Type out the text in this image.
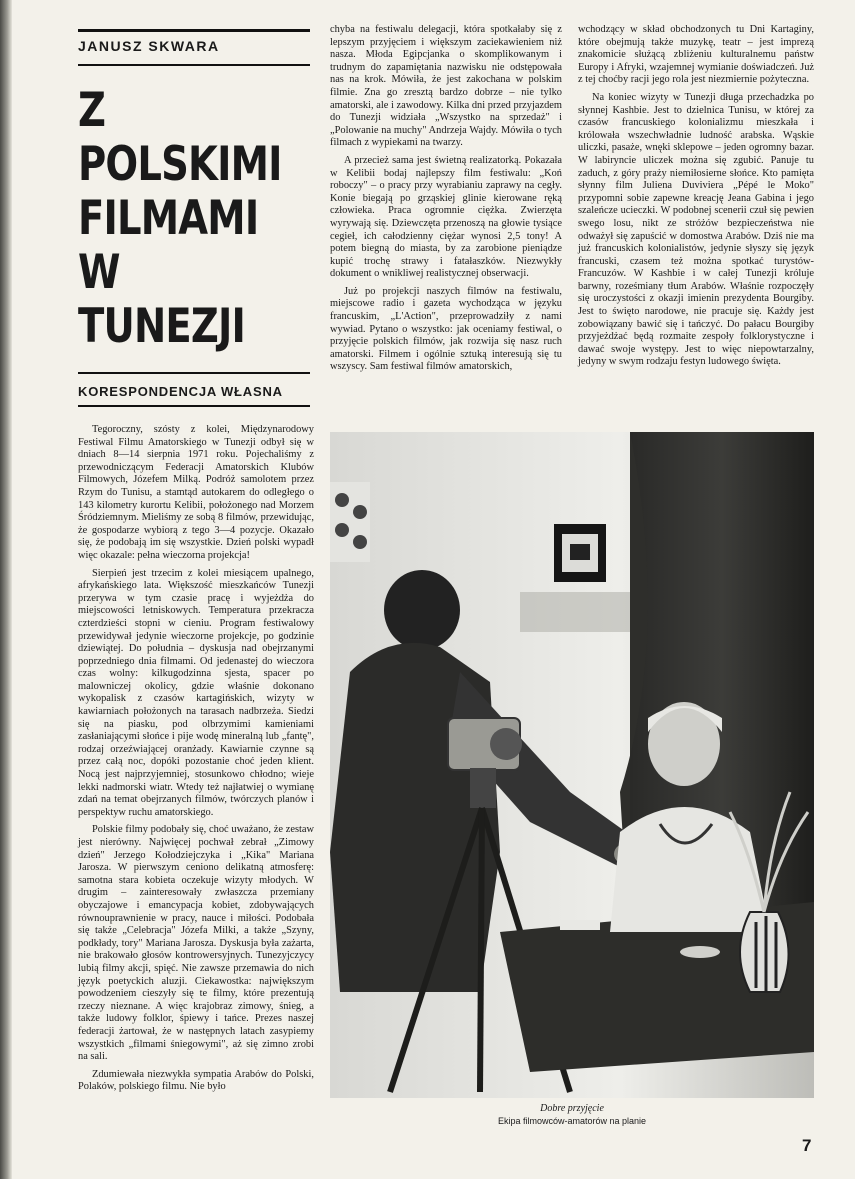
JANUSZ SKWARA
Z
POLSKIMI
FILMAMI
W
TUNEZJI
KORESPONDENCJA WŁASNA

Tegoroczny, szósty z kolei, Międzynarodowy Festiwal Filmu Amatorskiego w Tunezji odbył się w dniach 8—14 sierpnia 1971 roku. Pojechaliśmy z przewodniczącym Federacji Amatorskich Klubów Filmowych, Józefem Milką. Podróż samolotem przez Rzym do Tunisu, a stamtąd autokarem do odległego o 143 kilometry kurortu Kelibii, położonego nad Morzem Śródziemnym. Mieliśmy ze sobą 8 filmów, przewidując, że gospodarze wybiorą z tego 3—4 pozycje. Okazało się, że podobają im się wszystkie. Dzień polski wypadł więc okazale: pełna wieczorna projekcja!

Sierpień jest trzecim z kolei miesiącem upalnego, afrykańskiego lata. Większość mieszkańców Tunezji przerywa w tym czasie pracę i wyjeżdża do miejscowości letniskowych. Temperatura przekracza czterdzieści stopni w cieniu. Program festiwalowy przewidywał jedynie wieczorne projekcje, po godzinie dziewiątej. Do południa – dyskusja nad obejrzanymi poprzedniego dnia filmami. Od jedenastej do wieczora czas wolny: kilkugodzinna sjesta, spacer po malowniczej okolicy, gdzie właśnie dokonano wykopalisk z czasów kartagińskich, wizyty w kawiarniach położonych na tarasach nadbrzeża. Siedzi się na piasku, pod olbrzymimi kamieniami zasłaniającymi słońce i pije wodę mineralną lub „fantę", rodzaj orzeźwiającej oranżady. Kawiarnie czynne są przez całą noc, dopóki pozostanie choć jeden klient. Nocą jest najprzyjemniej, stosunkowo chłodno; wieje lekki nadmorski wiatr. Wtedy też najłatwiej o wymianę zdań na temat obejrzanych filmów, twórczych planów i perspektyw ruchu amatorskiego.

Polskie filmy podobały się, choć uważano, że zestaw jest nierówny. Najwięcej pochwał zebrał „Zimowy dzień" Jerzego Kołodziejczyka i „Kika" Mariana Jarosza. W pierwszym ceniono delikatną atmosferę: samotna stara kobieta oczekuje wizyty młodych. W drugim – zainteresowały zwłaszcza przemiany obyczajowe i emancypacja kobiet, zdobywających równouprawnienie w pracy, nauce i miłości. Podobała się także „Celebracja" Józefa Milki, a także „Szyny, podkłady, tory" Mariana Jarosza. Dyskusja była zażarta, nie brakowało głosów kontrowersyjnych. Tunezyjczycy lubią filmy akcji, spięć. Nie zawsze przemawia do nich język poetyckich aluzji. Ciekawostka: największym powodzeniem cieszyły się te filmy, które prezentują rzeczy nieznane. A więc krajobraz zimowy, śnieg, a także ludowy folklor, śpiewy i tańce. Prezes naszej federacji żartował, że w następnych latach zasypiemy wszystkich „filmami śniegowymi", aż się zimno zrobi na sali.

Zdumiewała niezwykła sympatia Arabów do Polski, Polaków, polskiego filmu. Nie było

chyba na festiwalu delegacji, która spotkałaby się z lepszym przyjęciem i większym zaciekawieniem niż nasza. Młoda Egipcjanka o skomplikowanym i trudnym do zapamiętania nazwisku nie odstępowała nas na krok. Mówiła, że jest zakochana w polskim filmie. Zna go zresztą bardzo dobrze – nie tylko amatorski, ale i zawodowy. Kilka dni przed przyjazdem do Tunezji widziała „Wszystko na sprzedaż" i „Polowanie na muchy" Andrzeja Wajdy. Mówiła o tych filmach z wypiekami na twarzy.

A przecież sama jest świetną realizatorką. Pokazała w Kelibii bodaj najlepszy film festiwalu: „Koń roboczy" – o pracy przy wyrabianiu zaprawy na cegły. Konie biegają po grząskiej glinie kierowane ręką człowieka. Praca ogromnie ciężka. Zwierzęta wyrywają się. Dziewczęta przenoszą na głowie tysiące cegieł, ich całodzienny ciężar wynosi 2,5 tony! A potem biegną do miasta, by za zarobione pieniądze kupić trochę strawy i fatałaszków. Niezwykły dokument o wnikliwej realistycznej obserwacji.

Już po projekcji naszych filmów na festiwalu, miejscowe radio i gazeta wychodząca w języku francuskim, „L'Action", przeprowadziły z nami wywiad. Pytano o wszystko: jak oceniamy festiwal, o przyjęcie polskich filmów, jak rozwija się nasz ruch amatorski. Filmem i ogólnie sztuką interesują się tu wszyscy. Sam festiwal filmów amatorskich,

wchodzący w skład obchodzonych tu Dni Kartaginy, które obejmują także muzykę, teatr – jest imprezą znakomicie służącą zbliżeniu kulturalnemu państw Europy i Afryki, wzajemnej wymianie doświadczeń. Już z tej choćby racji jego rola jest niezmiernie pożyteczna.

Na koniec wizyty w Tunezji długa przechadzka po słynnej Kashbie. Jest to dzielnica Tunisu, w której za czasów francuskiego kolonializmu mieszkała i królowała wszechwładnie ludność arabska. Wąskie uliczki, pasaże, wnęki sklepowe – jeden ogromny bazar. W labiryncie uliczek można się zgubić. Panuje tu zaduch, z góry praży niemiłosierne słońce. Kto pamięta słynny film Juliena Duviviera „Pépé le Moko" przypomni sobie zapewne kreację Jeana Gabina i jego szaleńcze ucieczki. W podobnej scenerii czuł się pewien swego losu, nikt ze stróżów bezpieczeństwa nie odważył się zapuścić w domostwa Arabów. Dziś nie ma już francuskich kolonialistów, jedynie słyszy się język francuski, czasem też można spotkać turystów-Francuzów. W Kashbie i w całej Tunezji króluje barwny, roześmiany tłum Arabów. Właśnie rozpoczęły się uroczystości z okazji imienin prezydenta Bourgiby. Jest to święto narodowe, nie pracuje się. Każdy jest zobowiązany bawić się i tańczyć. Do pałacu Bourgiby przyjeżdżać będą rozmaite zespoły folklorystyczne i dawać swoje występy. Jest to więc niepowtarzalny, jedyny w swym rodzaju festyn ludowego święta.

Dobre przyjęcie
Ekipa filmowców-amatorów na planie
7
